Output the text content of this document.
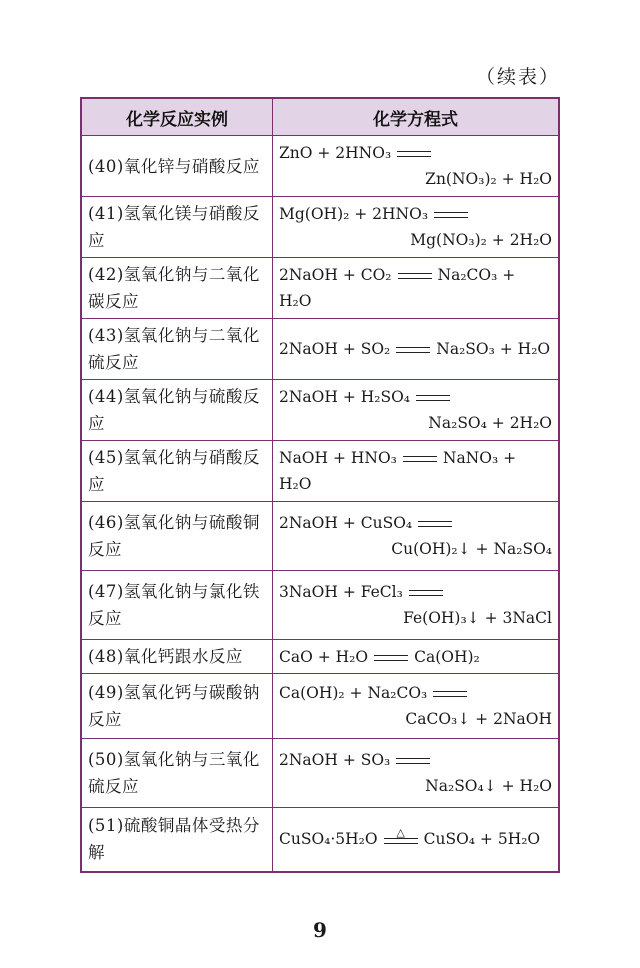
（续表）
化学反应实例	化学方程式
(40)氧化锌与硝酸反应	ZnO + 2HNO₃
Zn(NO₃)₂ + H₂O

(41)氢氧化镁与硝酸反应	Mg(OH)₂ + 2HNO₃
Mg(NO₃)₂ + 2H₂O

(42)氢氧化钠与二氧化碳反应	2NaOH + CO₂ Na₂CO₃ + H₂O

(43)氢氧化钠与二氧化硫反应	2NaOH + SO₂ Na₂SO₃ + H₂O

(44)氢氧化钠与硫酸反应	2NaOH + H₂SO₄
Na₂SO₄ + 2H₂O

(45)氢氧化钠与硝酸反应	NaOH + HNO₃ NaNO₃ + H₂O

(46)氢氧化钠与硫酸铜反应	2NaOH + CuSO₄
Cu(OH)₂↓ + Na₂SO₄

(47)氢氧化钠与氯化铁反应	3NaOH + FeCl₃
Fe(OH)₃↓ + 3NaCl

(48)氧化钙跟水反应	CaO + H₂O Ca(OH)₂

(49)氢氧化钙与碳酸钠反应	Ca(OH)₂ + Na₂CO₃
CaCO₃↓ + 2NaOH

(50)氢氧化钠与三氧化硫反应	2NaOH + SO₃
Na₂SO₄↓ + H₂O

(51)硫酸铜晶体受热分解	CuSO₄·5H₂O △ CuSO₄ + 5H₂O
9
